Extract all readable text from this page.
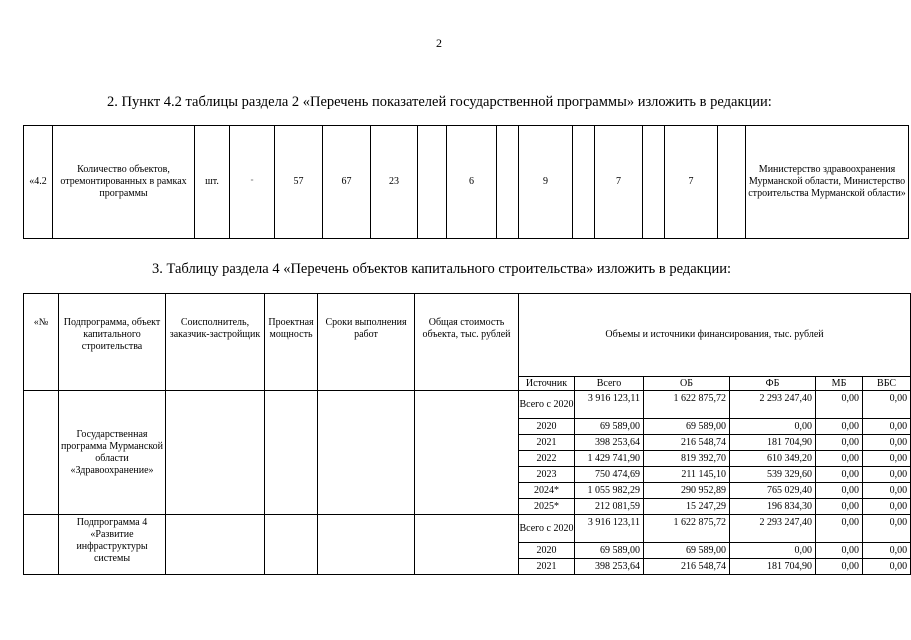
2
2. Пункт 4.2 таблицы раздела 2 «Перечень показателей государственной программы» изложить в редакции:
«4.2	Количество объектов, отремонтированных в рамках программы	шт.	=	57	67	23		6		9		7		7		Министерство здравоохранения Мурманской области, Министерство строительства Мурманской области»
3. Таблицу раздела 4 «Перечень объектов капитального строительства» изложить в редакции:
«№	Подпрограмма, объект капитального строительства	Соисполнитель, заказчик-застройщик	Проектная мощность	Сроки выполнения работ	Общая стоимость объекта, тыс. рублей	Объемы и источники финансирования, тыс. рублей					
						Источник	Всего	ОБ	ФБ	МБ	ВБС
	Государственная программа Мурманской области «Здравоохранение»					Всего с 2020	3 916 123,11	1 622 875,72	2 293 247,40	0,00	0,00
						2020	69 589,00	69 589,00	0,00	0,00	0,00
						2021	398 253,64	216 548,74	181 704,90	0,00	0,00
						2022	1 429 741,90	819 392,70	610 349,20	0,00	0,00
						2023	750 474,69	211 145,10	539 329,60	0,00	0,00
						2024*	1 055 982,29	290 952,89	765 029,40	0,00	0,00
						2025*	212 081,59	15 247,29	196 834,30	0,00	0,00
	Подпрограмма 4 «Развитие инфраструктуры системы					Всего с 2020	3 916 123,11	1 622 875,72	2 293 247,40	0,00	0,00
						2020	69 589,00	69 589,00	0,00	0,00	0,00
						2021	398 253,64	216 548,74	181 704,90	0,00	0,00
